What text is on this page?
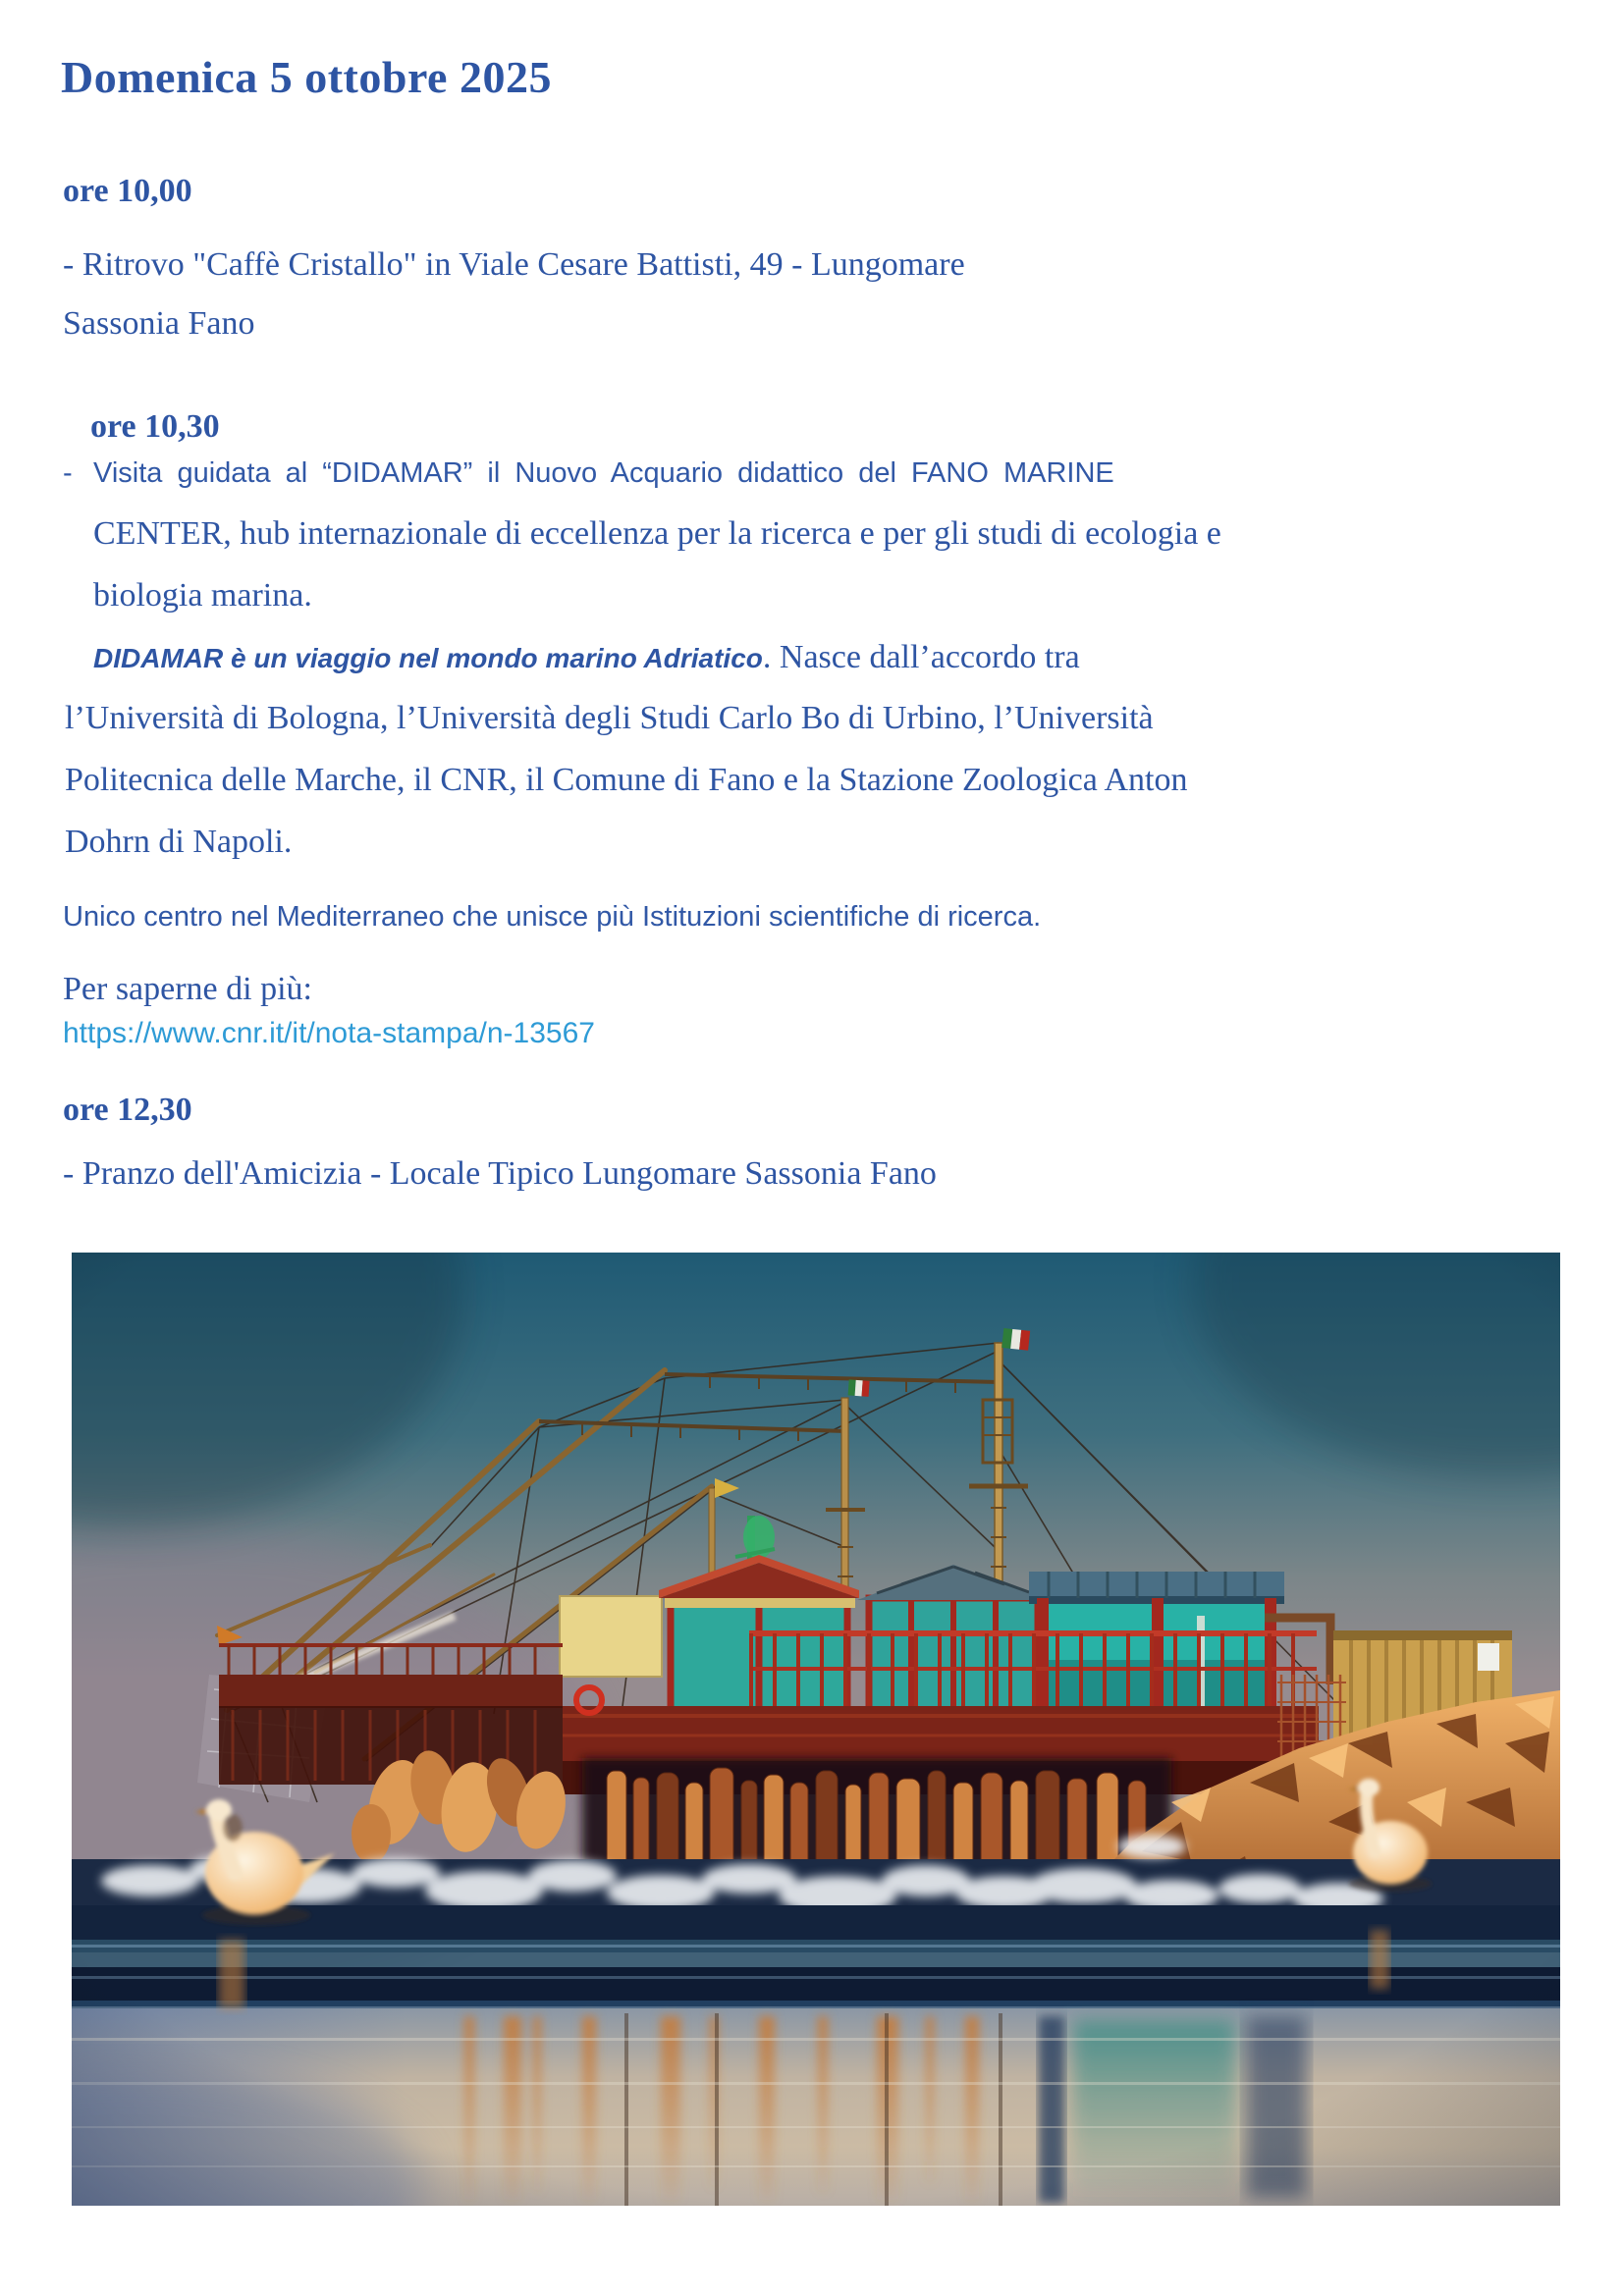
Domenica 5 ottobre 2025
ore 10,00
- Ritrovo "Caffè Cristallo" in Viale Cesare Battisti, 49 - Lungomare
Sassonia Fano
ore 10,30
- Visita guidata al “DIDAMAR” il Nuovo Acquario didattico del FANO MARINE
CENTER, hub internazionale di eccellenza per la ricerca e per gli studi di ecologia e
biologia marina.
DIDAMAR è un viaggio nel mondo marino Adriatico. Nasce dall’accordo tra
l’Università di Bologna, l’Università degli Studi Carlo Bo di Urbino, l’Università
Politecnica delle Marche, il CNR, il Comune di Fano e la Stazione Zoologica Anton
Dohrn di Napoli.
Unico centro nel Mediterraneo che unisce più Istituzioni scientifiche di ricerca.
Per saperne di più:
https://www.cnr.it/it/nota-stampa/n-13567
ore 12,30
- Pranzo dell'Amicizia - Locale Tipico Lungomare Sassonia Fano
